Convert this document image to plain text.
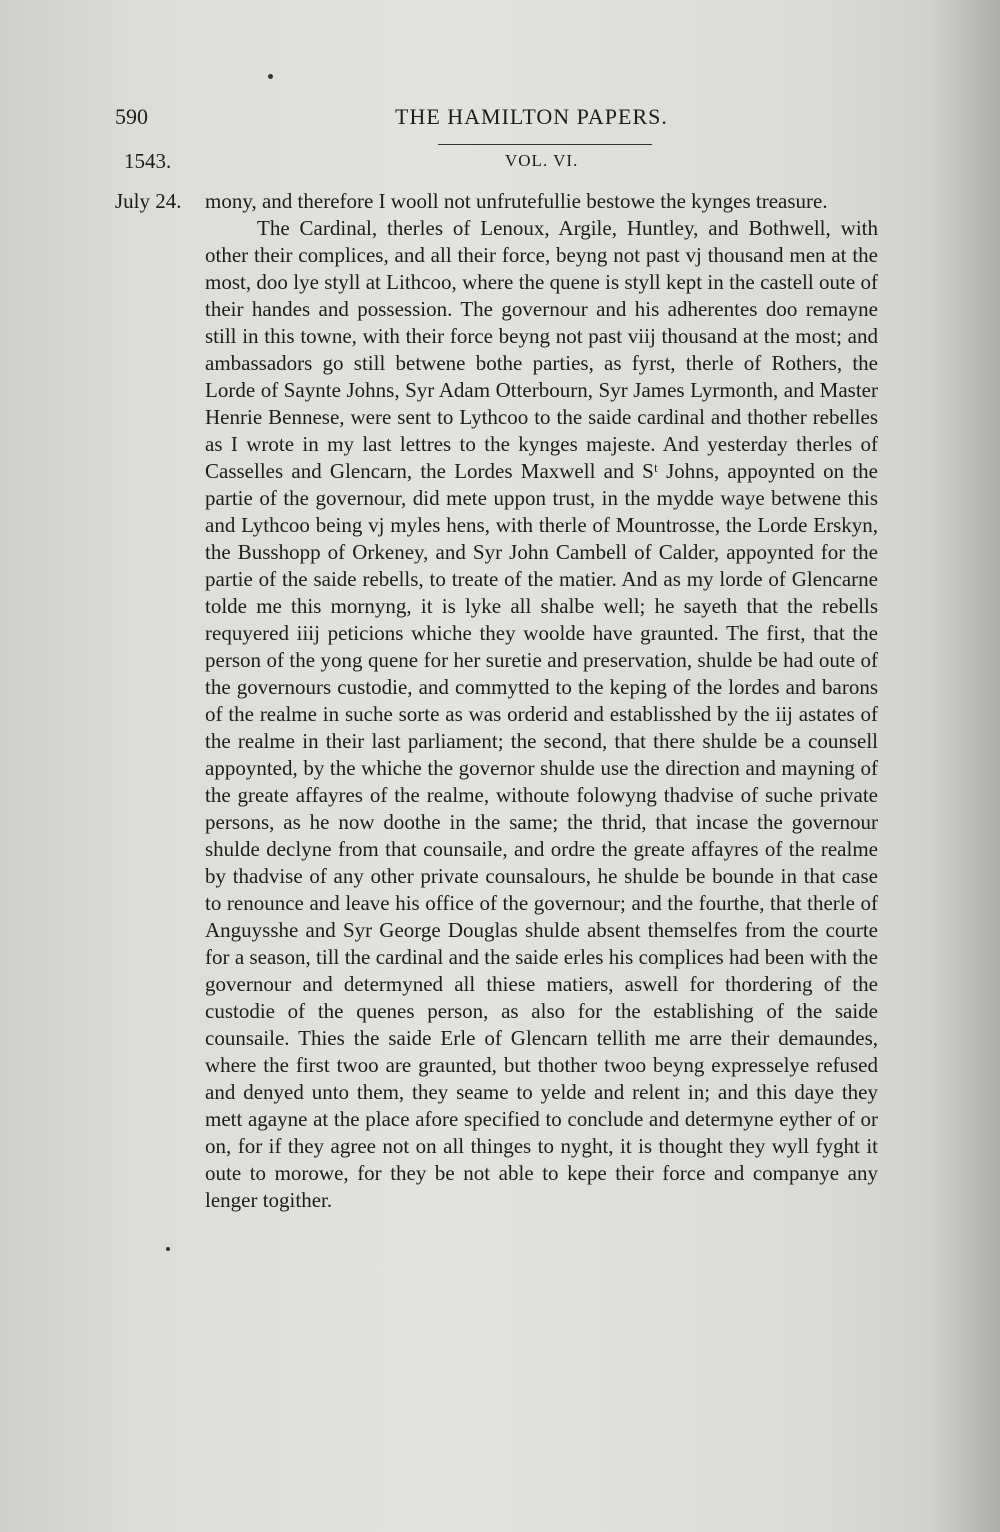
590	THE HAMILTON PAPERS.
1543.	VOL. VI.
July 24. mony, and therefore I wooll not unfrutefullie bestowe the kynges treasure.

The Cardinal, therles of Lenoux, Argile, Huntley, and Bothwell, with other their complices, and all their force, beyng not past vj thousand men at the most, doo lye styll at Lithcoo, where the quene is styll kept in the castell oute of their handes and possession. The governour and his adherentes doo remayne still in this towne, with their force beyng not past viij thousand at the most; and ambassadors go still betwene bothe parties, as fyrst, therle of Rothers, the Lorde of Saynte Johns, Syr Adam Otterbourn, Syr James Lyrmonth, and Master Henrie Bennese, were sent to Lythcoo to the saide cardinal and thother rebelles as I wrote in my last lettres to the kynges majeste. And yesterday therles of Casselles and Glencarn, the Lordes Maxwell and Sᵗ Johns, appoynted on the partie of the governour, did mete uppon trust, in the mydde waye betwene this and Lythcoo being vj myles hens, with therle of Mountrosse, the Lorde Erskyn, the Busshopp of Orkeney, and Syr John Cambell of Calder, appoynted for the partie of the saide rebells, to treate of the matier. And as my lorde of Glencarne tolde me this mornyng, it is lyke all shalbe well; he sayeth that the rebells requyered iiij peticions whiche they woolde have graunted. The first, that the person of the yong quene for her suretie and preservation, shulde be had oute of the governours custodie, and commytted to the keping of the lordes and barons of the realme in suche sorte as was orderid and establisshed by the iij astates of the realme in their last parliament; the second, that there shulde be a counsell appoynted, by the whiche the governor shulde use the direction and mayning of the greate affayres of the realme, withoute folowyng thadvise of suche private persons, as he now doothe in the same; the thrid, that incase the governour shulde declyne from that counsaile, and ordre the greate affayres of the realme by thadvise of any other private counsalours, he shulde be bounde in that case to renounce and leave his office of the governour; and the fourthe, that therle of Anguysshe and Syr George Douglas shulde absent themselfes from the courte for a season, till the cardinal and the saide erles his complices had been with the governour and determyned all thiese matiers, aswell for thordering of the custodie of the quenes person, as also for the establishing of the saide counsaile. Thies the saide Erle of Glencarn tellith me arre their demaundes, where the first twoo are graunted, but thother twoo beyng expresselye refused and denyed unto them, they seame to yelde and relent in; and this daye they mett agayne at the place afore specified to conclude and determyne eyther of or on, for if they agree not on all thinges to nyght, it is thought they wyll fyght it oute to morowe, for they be not able to kepe their force and companye any lenger togither.
